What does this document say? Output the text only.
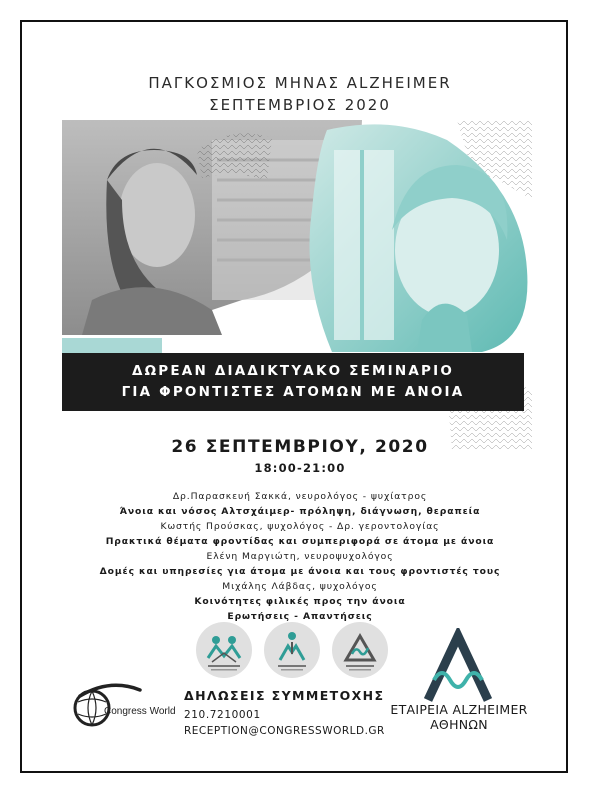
ΠΑΓΚΟΣΜΙΟΣ ΜΗΝΑΣ ALZHEIMER
ΣΕΠΤΕΜΒΡΙΟΣ 2020
ΔΩΡΕΑΝ ΔΙΑΔΙΚΤΥΑΚΟ ΣΕΜΙΝΑΡΙΟ
ΓΙΑ ΦΡΟΝΤΙΣΤΕΣ ΑΤΟΜΩΝ ΜΕ ΑΝΟΙΑ
26 ΣΕΠΤΕΜΒΡΙΟΥ, 2020
18:00-21:00
Δρ.Παρασκευή Σακκά, νευρολόγος - ψυχίατρος
Άνοια και νόσος Αλτσχάιμερ- πρόληψη, διάγνωση, θεραπεία
Κωστής Προύσκας, ψυχολόγος - Δρ. γεροντολογίας
Πρακτικά θέματα φροντίδας και συμπεριφορά σε άτομα με άνοια
Ελένη Μαργιώτη, νευροψυχολόγος
Δομές και υπηρεσίες για άτομα με άνοια και τους φροντιστές τους
Μιχάλης Λάβδας, ψυχολόγος
Κοινότητες φιλικές προς την άνοια
Ερωτήσεις - Απαντήσεις
ΕΤΑΙΡΕΙΑ ALZHEIMER
ΑΘΗΝΩΝ
Congress World
ΔΗΛΩΣΕΙΣ ΣΥΜΜΕΤΟΧΗΣ
210.7210001
RECEPTION@CONGRESSWORLD.GR
